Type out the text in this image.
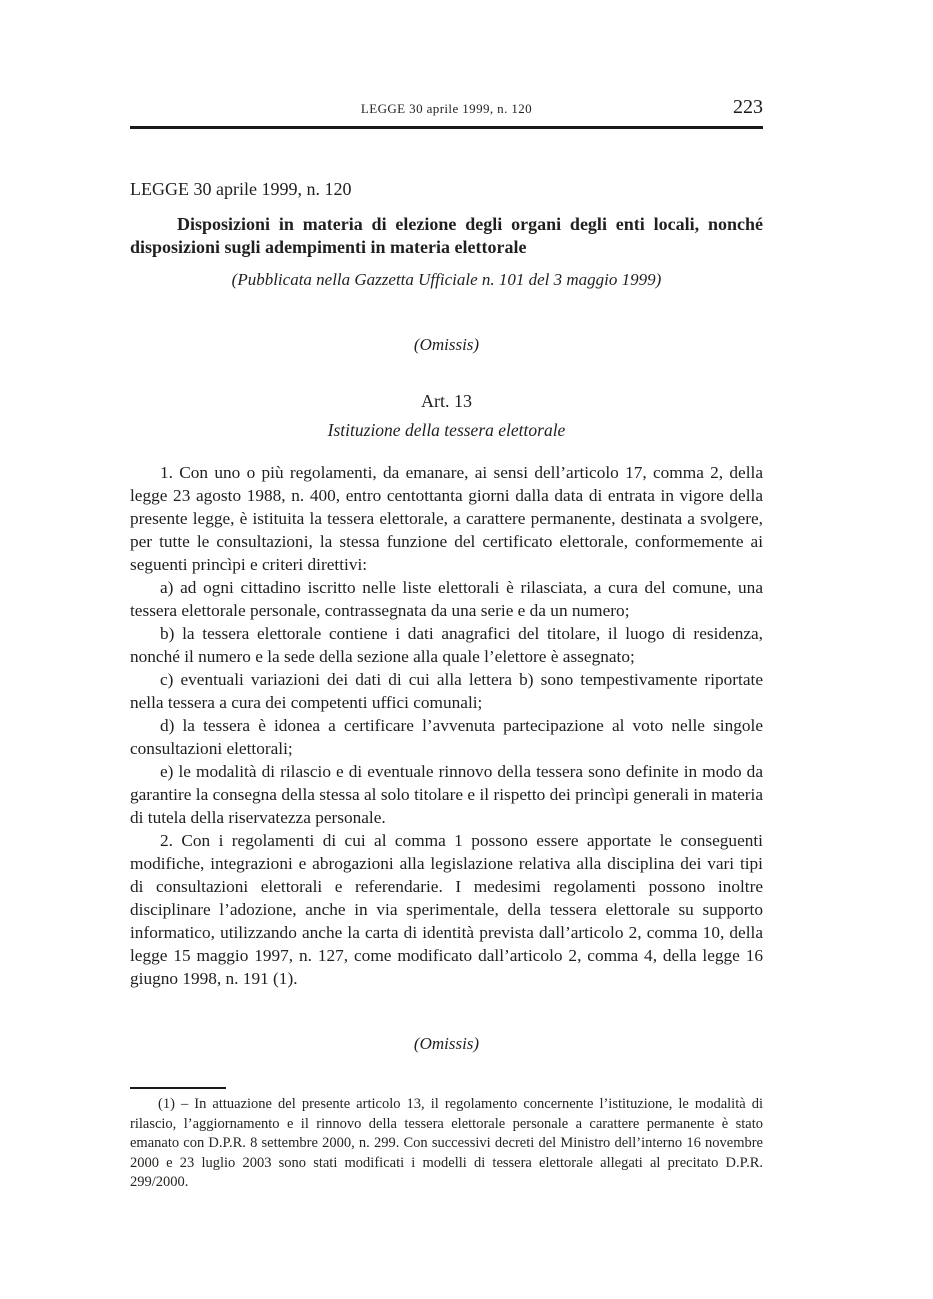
LEGGE 30 aprile 1999, n. 120	223
LEGGE 30 aprile 1999, n. 120
Disposizioni in materia di elezione degli organi degli enti locali, nonché disposizioni sugli adempimenti in materia elettorale

(Pubblicata nella Gazzetta Ufficiale n. 101 del 3 maggio 1999)

(Omissis)

Art. 13
Istituzione della tessera elettorale

1. Con uno o più regolamenti, da emanare, ai sensi dell’articolo 17, comma 2, della legge 23 agosto 1988, n. 400, entro centottanta giorni dalla data di entrata in vigore della presente legge, è istituita la tessera elettorale, a carattere permanente, destinata a svolgere, per tutte le consultazioni, la stessa funzione del certificato elettorale, conformemente ai seguenti princìpi e criteri direttivi:

a) ad ogni cittadino iscritto nelle liste elettorali è rilasciata, a cura del comune, una tessera elettorale personale, contrassegnata da una serie e da un numero;

b) la tessera elettorale contiene i dati anagrafici del titolare, il luogo di residenza, nonché il numero e la sede della sezione alla quale l’elettore è assegnato;

c) eventuali variazioni dei dati di cui alla lettera b) sono tempestivamente riportate nella tessera a cura dei competenti uffici comunali;

d) la tessera è idonea a certificare l’avvenuta partecipazione al voto nelle singole consultazioni elettorali;

e) le modalità di rilascio e di eventuale rinnovo della tessera sono definite in modo da garantire la consegna della stessa al solo titolare e il rispetto dei princìpi generali in materia di tutela della riservatezza personale.

2. Con i regolamenti di cui al comma 1 possono essere apportate le conseguenti modifiche, integrazioni e abrogazioni alla legislazione relativa alla disciplina dei vari tipi di consultazioni elettorali e referendarie. I medesimi regolamenti possono inoltre disciplinare l’adozione, anche in via sperimentale, della tessera elettorale su supporto informatico, utilizzando anche la carta di identità prevista dall’articolo 2, comma 10, della legge 15 maggio 1997, n. 127, come modificato dall’articolo 2, comma 4, della legge 16 giugno 1998, n. 191 (1).

(Omissis)

(1) – In attuazione del presente articolo 13, il regolamento concernente l’istituzione, le modalità di rilascio, l’aggiornamento e il rinnovo della tessera elettorale personale a carattere permanente è stato emanato con D.P.R. 8 settembre 2000, n. 299. Con successivi decreti del Ministro dell’interno 16 novembre 2000 e 23 luglio 2003 sono stati modificati i modelli di tessera elettorale allegati al precitato D.P.R. 299/2000.
